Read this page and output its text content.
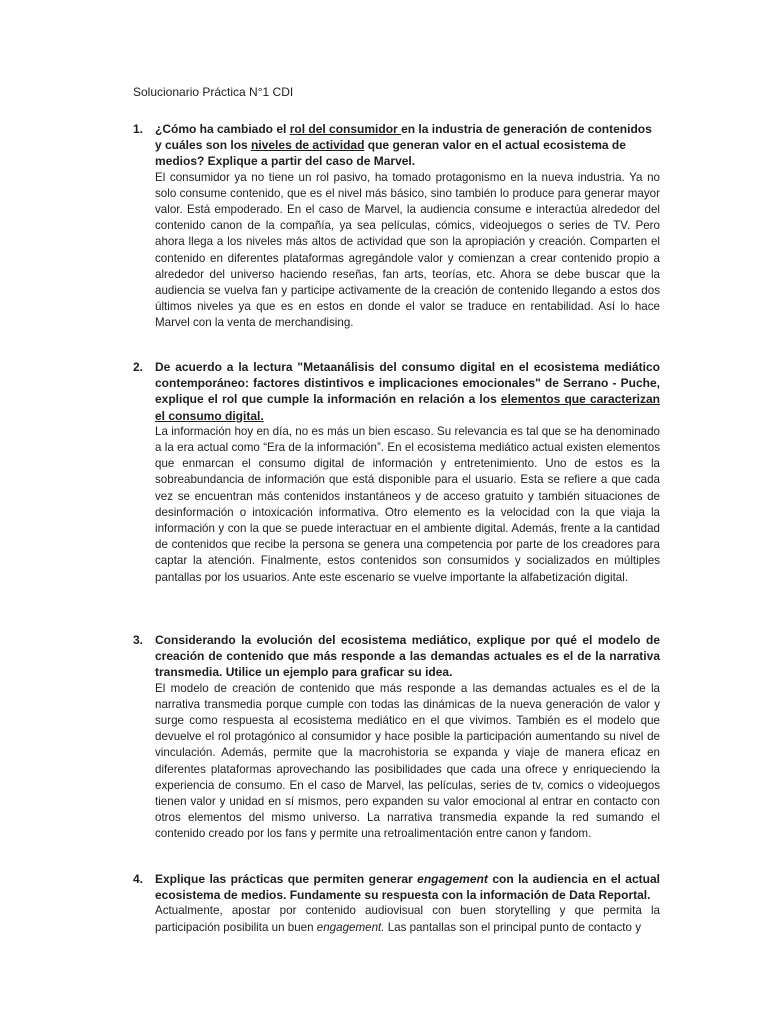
Solucionario Práctica N°1 CDI
1. ¿Cómo ha cambiado el rol del consumidor en la industria de generación de contenidos y cuáles son los niveles de actividad que generan valor en el actual ecosistema de medios? Explique a partir del caso de Marvel.

El consumidor ya no tiene un rol pasivo, ha tomado protagonismo en la nueva industria. Ya no solo consume contenido, que es el nivel más básico, sino también lo produce para generar mayor valor. Está empoderado. En el caso de Marvel, la audiencia consume e interactúa alrededor del contenido canon de la compañía, ya sea películas, cómics, videojuegos o series de TV. Pero ahora llega a los niveles más altos de actividad que son la apropiación y creación. Comparten el contenido en diferentes plataformas agregándole valor y comienzan a crear contenido propio a alrededor del universo haciendo reseñas, fan arts, teorías, etc. Ahora se debe buscar que la audiencia se vuelva fan y participe activamente de la creación de contenido llegando a estos dos últimos niveles ya que es en estos en donde el valor se traduce en rentabilidad. Así lo hace Marvel con la venta de merchandising.

2. De acuerdo a la lectura "Metaanálisis del consumo digital en el ecosistema mediático contemporáneo: factores distintivos e implicaciones emocionales" de Serrano - Puche, explique el rol que cumple la información en relación a los elementos que caracterizan el consumo digital.

La información hoy en día, no es más un bien escaso. Su relevancia es tal que se ha denominado a la era actual como “Era de la información”. En el ecosistema mediático actual existen elementos que enmarcan el consumo digital de información y entretenimiento. Uno de estos es la sobreabundancia de información que está disponible para el usuario. Esta se refiere a que cada vez se encuentran más contenidos instantáneos y de acceso gratuito y también situaciones de desinformación o intoxicación informativa. Otro elemento es la velocidad con la que viaja la información y con la que se puede interactuar en el ambiente digital. Además, frente a la cantidad de contenidos que recibe la persona se genera una competencia por parte de los creadores para captar la atención. Finalmente, estos contenidos son consumidos y socializados en múltiples pantallas por los usuarios. Ante este escenario se vuelve importante la alfabetización digital.

3. Considerando la evolución del ecosistema mediático, explique por qué el modelo de creación de contenido que más responde a las demandas actuales es el de la narrativa transmedia. Utilice un ejemplo para graficar su idea.

El modelo de creación de contenido que más responde a las demandas actuales es el de la narrativa transmedia porque cumple con todas las dinámicas de la nueva generación de valor y surge como respuesta al ecosistema mediático en el que vivimos. También es el modelo que devuelve el rol protagónico al consumidor y hace posible la participación aumentando su nivel de vinculación. Además, permite que la macrohistoria se expanda y viaje de manera eficaz en diferentes plataformas aprovechando las posibilidades que cada una ofrece y enriqueciendo la experiencia de consumo. En el caso de Marvel, las películas, series de tv, comics o videojuegos tienen valor y unidad en sí mismos, pero expanden su valor emocional al entrar en contacto con otros elementos del mismo universo. La narrativa transmedia expande la red sumando el contenido creado por los fans y permite una retroalimentación entre canon y fandom.

4. Explique las prácticas que permiten generar engagement con la audiencia en el actual ecosistema de medios. Fundamente su respuesta con la información de Data Reportal.

Actualmente, apostar por contenido audiovisual con buen storytelling y que permita la participación posibilita un buen engagement. Las pantallas son el principal punto de contacto y
